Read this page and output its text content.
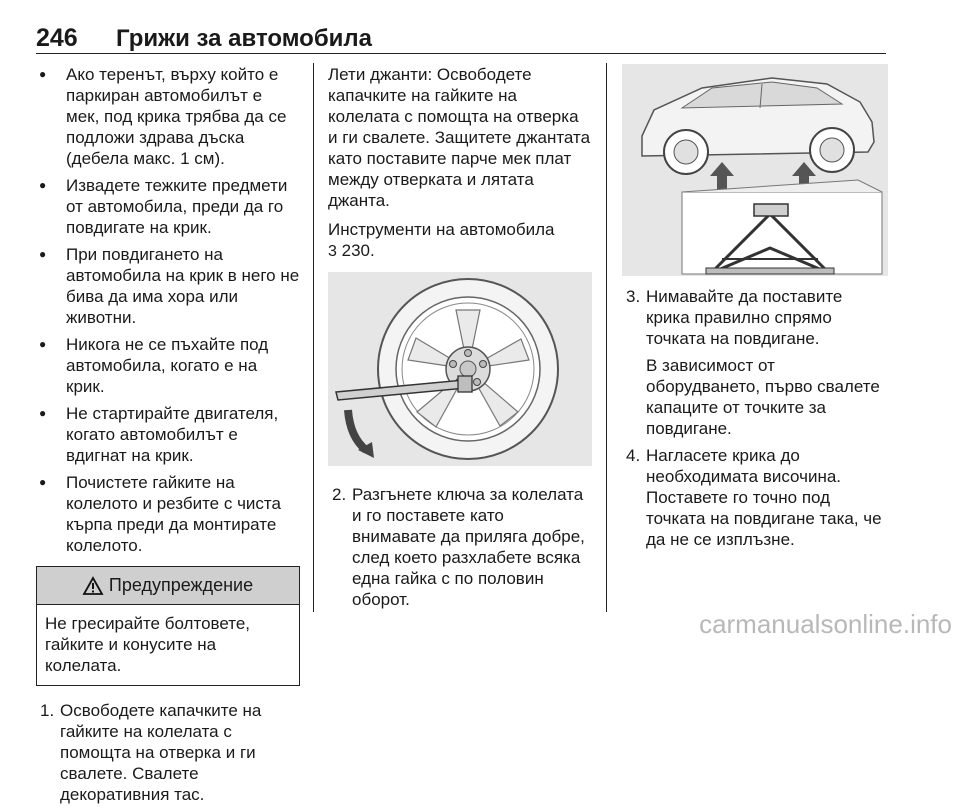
246 Грижи за автомобила
● Ако теренът, върху който е паркиран автомобилът е мек, под крика трябва да се подложи здрава дъска (дебела макс. 1 см).
● Извадете тежките предмети от автомобила, преди да го повдигате на крик.
● При повдигането на автомобила на крик в него не бива да има хора или животни.
● Никога не се пъхайте под автомобила, когато е на крик.
● Не стартирайте двигателя, когато автомобилът е вдигнат на крик.
● Почистете гайките на колелото и резбите с чиста кърпа преди да монтирате колелото.
Предупреждение
Не гресирайте болтовете, гайките и конусите на колелата.
1. Освободете капачките на гайките на колелата с помощта на отверка и ги свалете. Свалете декоративния тас.

Лети джанти: Освободете капачките на гайките на колелата с помощта на отверка и ги свалете. Защитете джантата като поставите парче мек плат между отверката и лятата джанта.

Инструменти на автомобила
3 230.

2. Разгънете ключа за колелата и го поставете като внимавате да приляга добре, след което разхлабете всяка една гайка с по половин оборот.

3. Нимавайте да поставите крика правилно спрямо точката на повдигане.

В зависимост от оборудването, първо свалете капаците от точките за повдигане.

4. Нагласете крика до необходимата височина. Поставете го точно под точката на повдигане така, че да не се изплъзне.

carmanualsonline.info
